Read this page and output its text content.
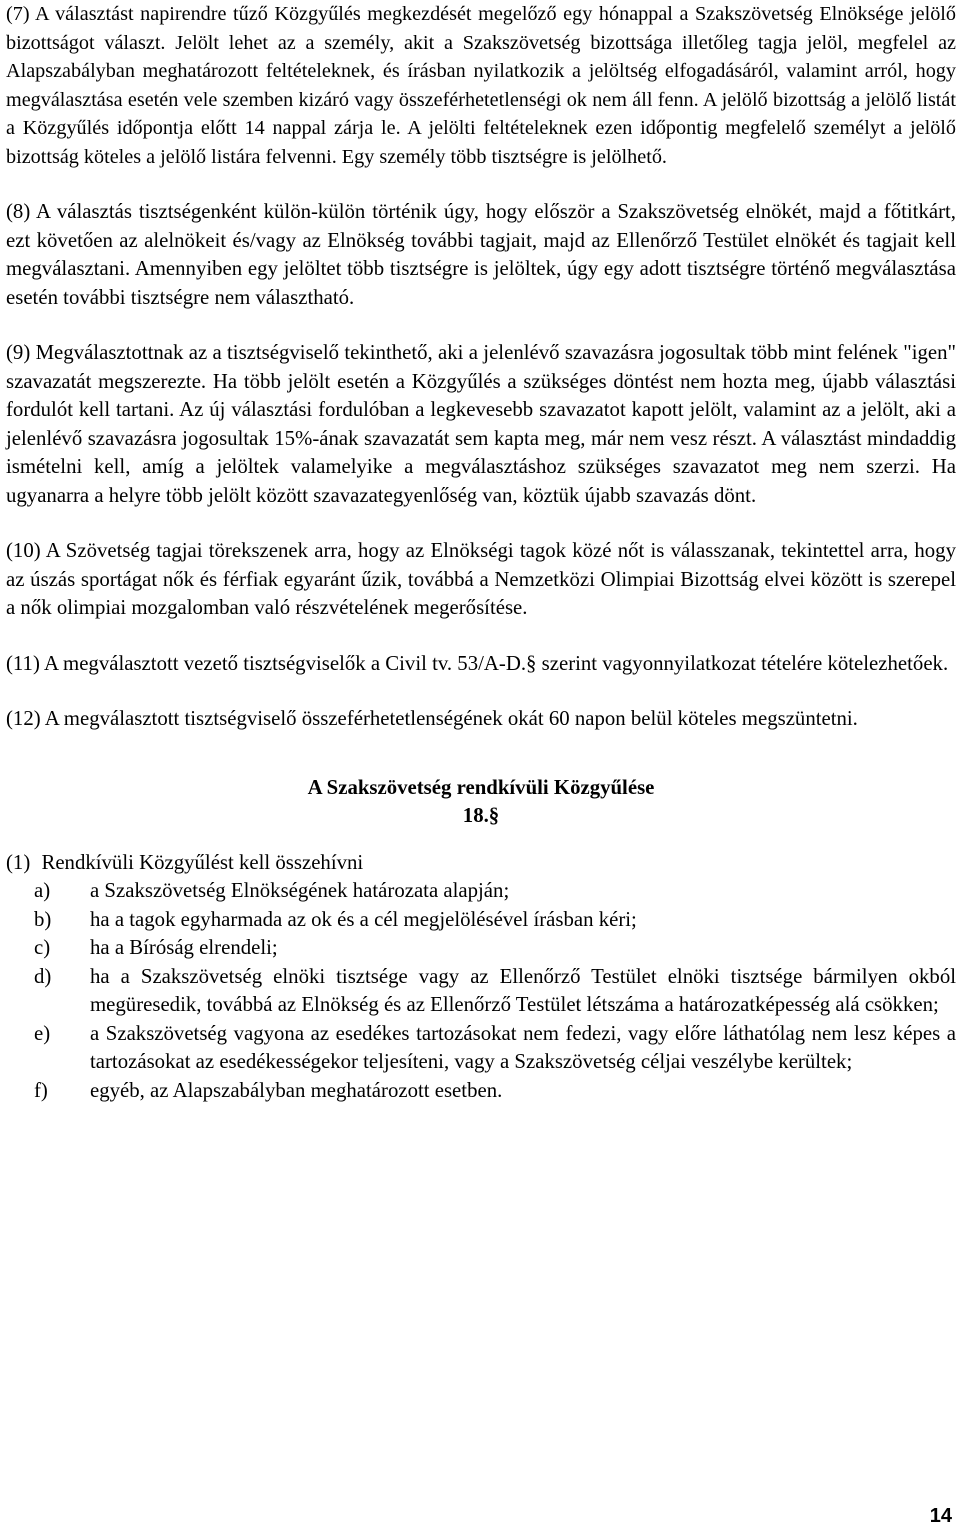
(7) A választást napirendre tűző Közgyűlés megkezdését megelőző egy hónappal a Szakszövetség Elnöksége jelölő bizottságot választ. Jelölt lehet az a személy, akit a Szakszövetség bizottsága illetőleg tagja jelöl, megfelel az Alapszabályban meghatározott feltételeknek, és írásban nyilatkozik a jelöltség elfogadásáról, valamint arról, hogy megválasztása esetén vele szemben kizáró vagy összeférhetetlenségi ok nem áll fenn. A jelölő bizottság a jelölő listát a Közgyűlés időpontja előtt 14 nappal zárja le. A jelölti feltételeknek ezen időpontig megfelelő személyt a jelölő bizottság köteles a jelölő listára felvenni. Egy személy több tisztségre is jelölhető.

(8) A választás tisztségenként külön-külön történik úgy, hogy először a Szakszövetség elnökét, majd a főtitkárt, ezt követően az alelnökeit és/vagy az Elnökség további tagjait, majd az Ellenőrző Testület elnökét és tagjait kell megválasztani. Amennyiben egy jelöltet több tisztségre is jelöltek, úgy egy adott tisztségre történő megválasztása esetén további tisztségre nem választható.

(9) Megválasztottnak az a tisztségviselő tekinthető, aki a jelenlévő szavazásra jogosultak több mint felének "igen" szavazatát megszerezte. Ha több jelölt esetén a Közgyűlés a szükséges döntést nem hozta meg, újabb választási fordulót kell tartani. Az új választási fordulóban a legkevesebb szavazatot kapott jelölt, valamint az a jelölt, aki a jelenlévő szavazásra jogosultak 15%-ának szavazatát sem kapta meg, már nem vesz részt. A választást mindaddig ismételni kell, amíg a jelöltek valamelyike a megválasztáshoz szükséges szavazatot meg nem szerzi. Ha ugyanarra a helyre több jelölt között szavazategyenlőség van, köztük újabb szavazás dönt.

(10) A Szövetség tagjai törekszenek arra, hogy az Elnökségi tagok közé nőt is válasszanak, tekintettel arra, hogy az úszás sportágat nők és férfiak egyaránt űzik, továbbá a Nemzetközi Olimpiai Bizottság elvei között is szerepel a nők olimpiai mozgalomban való részvételének megerősítése.
(11) A megválasztott vezető tisztségviselők a Civil tv. 53/A-D.§ szerint vagyonnyilatkozat tételére kötelezhetőek.
(12) A megválasztott tisztségviselő összeférhetetlenségének okát 60 napon belül köteles megszüntetni.

A Szakszövetség rendkívüli Közgyűlése

18.§

(1) Rendkívüli Közgyűlést kell összehívni

a)	a Szakszövetség Elnökségének határozata alapján;
b)	ha a tagok egyharmada az ok és a cél megjelölésével írásban kéri;
c)	ha a Bíróság elrendeli;
d)	ha a Szakszövetség elnöki tisztsége vagy az Ellenőrző Testület elnöki tisztsége bármilyen okból megüresedik, továbbá az Elnökség és az Ellenőrző Testület létszáma a határozatképesség alá csökken;
e)	a Szakszövetség vagyona az esedékes tartozásokat nem fedezi, vagy előre láthatólag nem lesz képes a tartozásokat az esedékességekor teljesíteni, vagy a Szakszövetség céljai veszélybe kerültek;
f)	egyéb, az Alapszabályban meghatározott esetben.
14
